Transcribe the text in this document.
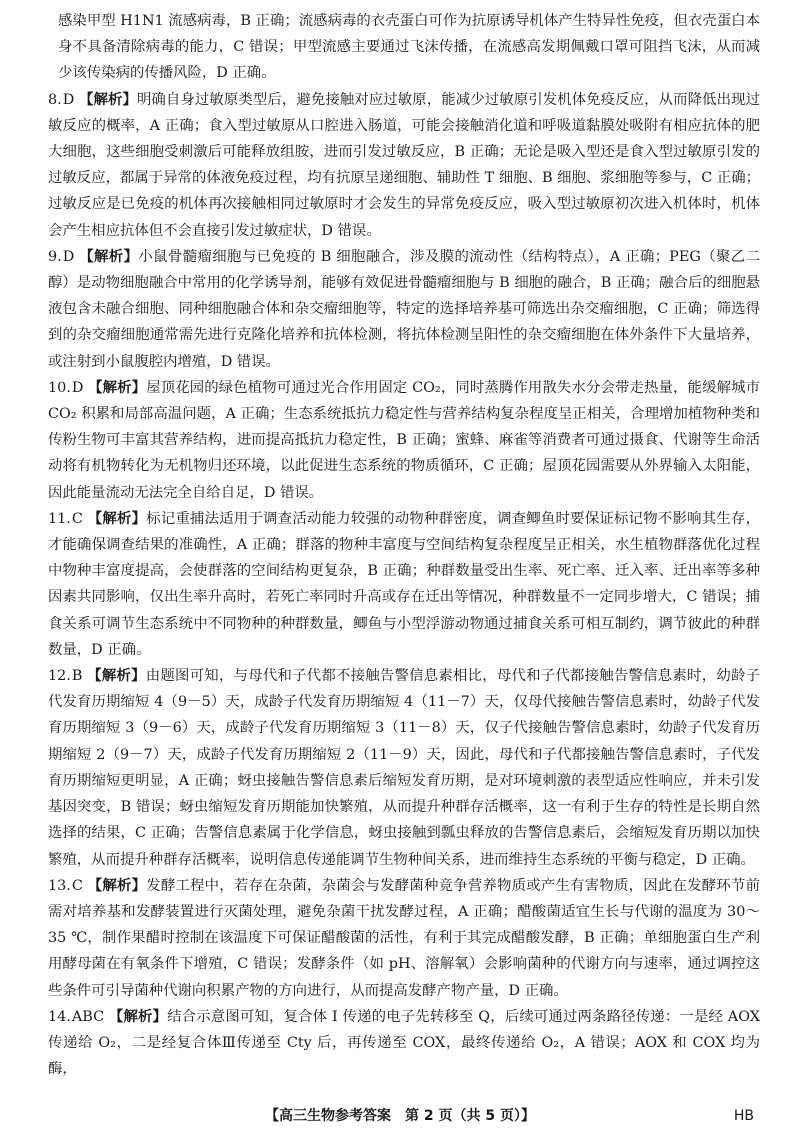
感染甲型 H1N1 流感病毒，B 正确；流感病毒的衣壳蛋白可作为抗原诱导机体产生特异性免疫，但衣壳蛋白本身不具备清除病毒的能力，C 错误；甲型流感主要通过飞沫传播，在流感高发期佩戴口罩可阻挡飞沫，从而减少该传染病的传播风险，D 正确。

8.D 【解析】明确自身过敏原类型后，避免接触对应过敏原，能减少过敏原引发机体免疫反应，从而降低出现过敏反应的概率，A 正确；食入型过敏原从口腔进入肠道，可能会接触消化道和呼吸道黏膜处吸附有相应抗体的肥大细胞，这些细胞受刺激后可能释放组胺，进而引发过敏反应，B 正确；无论是吸入型还是食入型过敏原引发的过敏反应，都属于异常的体液免疫过程，均有抗原呈递细胞、辅助性 T 细胞、B 细胞、浆细胞等参与，C 正确；过敏反应是已免疫的机体再次接触相同过敏原时才会发生的异常免疫反应，吸入型过敏原初次进入机体时，机体会产生相应抗体但不会直接引发过敏症状，D 错误。

9.D 【解析】小鼠骨髓瘤细胞与已免疫的 B 细胞融合，涉及膜的流动性（结构特点），A 正确；PEG（聚乙二醇）是动物细胞融合中常用的化学诱导剂，能够有效促进骨髓瘤细胞与 B 细胞的融合，B 正确；融合后的细胞悬液包含未融合细胞、同种细胞融合体和杂交瘤细胞等，特定的选择培养基可筛选出杂交瘤细胞，C 正确；筛选得到的杂交瘤细胞通常需先进行克隆化培养和抗体检测，将抗体检测呈阳性的杂交瘤细胞在体外条件下大量培养，或注射到小鼠腹腔内增殖，D 错误。

10.D 【解析】屋顶花园的绿色植物可通过光合作用固定 CO₂，同时蒸腾作用散失水分会带走热量，能缓解城市 CO₂ 积累和局部高温问题，A 正确；生态系统抵抗力稳定性与营养结构复杂程度呈正相关，合理增加植物种类和传粉生物可丰富其营养结构，进而提高抵抗力稳定性，B 正确；蜜蜂、麻雀等消费者可通过摄食、代谢等生命活动将有机物转化为无机物归还环境，以此促进生态系统的物质循环，C 正确；屋顶花园需要从外界输入太阳能，因此能量流动无法完全自给自足，D 错误。

11.C 【解析】标记重捕法适用于调查活动能力较强的动物种群密度，调查鲫鱼时要保证标记物不影响其生存，才能确保调查结果的准确性，A 正确；群落的物种丰富度与空间结构复杂程度呈正相关，水生植物群落优化过程中物种丰富度提高，会使群落的空间结构更复杂，B 正确；种群数量受出生率、死亡率、迁入率、迁出率等多种因素共同影响，仅出生率升高时，若死亡率同时升高或存在迁出等情况，种群数量不一定同步增大，C 错误；捕食关系可调节生态系统中不同物种的种群数量，鲫鱼与小型浮游动物通过捕食关系可相互制约，调节彼此的种群数量，D 正确。

12.B 【解析】由题图可知，与母代和子代都不接触告警信息素相比，母代和子代都接触告警信息素时，幼龄子代发育历期缩短 4（9－5）天，成龄子代发育历期缩短 4（11－7）天，仅母代接触告警信息素时，幼龄子代发育历期缩短 3（9－6）天，成龄子代发育历期缩短 3（11－8）天，仅子代接触告警信息素时，幼龄子代发育历期缩短 2（9－7）天，成龄子代发育历期缩短 2（11－9）天，因此，母代和子代都接触告警信息素时，子代发育历期缩短更明显，A 正确；蚜虫接触告警信息素后缩短发育历期，是对环境刺激的表型适应性响应，并未引发基因突变，B 错误；蚜虫缩短发育历期能加快繁殖，从而提升种群存活概率，这一有利于生存的特性是长期自然选择的结果，C 正确；告警信息素属于化学信息，蚜虫接触到瓢虫释放的告警信息素后，会缩短发育历期以加快繁殖，从而提升种群存活概率，说明信息传递能调节生物种间关系，进而维持生态系统的平衡与稳定，D 正确。

13.C 【解析】发酵工程中，若存在杂菌，杂菌会与发酵菌种竞争营养物质或产生有害物质，因此在发酵环节前需对培养基和发酵装置进行灭菌处理，避免杂菌干扰发酵过程，A 正确；醋酸菌适宜生长与代谢的温度为 30～35 ℃，制作果醋时控制在该温度下可保证醋酸菌的活性，有利于其完成醋酸发酵，B 正确；单细胞蛋白生产利用酵母菌在有氧条件下增殖，C 错误；发酵条件（如 pH、溶解氧）会影响菌种的代谢方向与速率，通过调控这些条件可引导菌种代谢向积累产物的方向进行，从而提高发酵产物产量，D 正确。

14.ABC 【解析】结合示意图可知，复合体 Ⅰ 传递的电子先转移至 Q，后续可通过两条路径传递：一是经 AOX 传递给 O₂，二是经复合体Ⅲ传递至 Cty 后，再传递至 COX，最终传递给 O₂，A 错误；AOX 和 COX 均为酶，

【高三生物参考答案　第 2 页（共 5 页）】	HB
